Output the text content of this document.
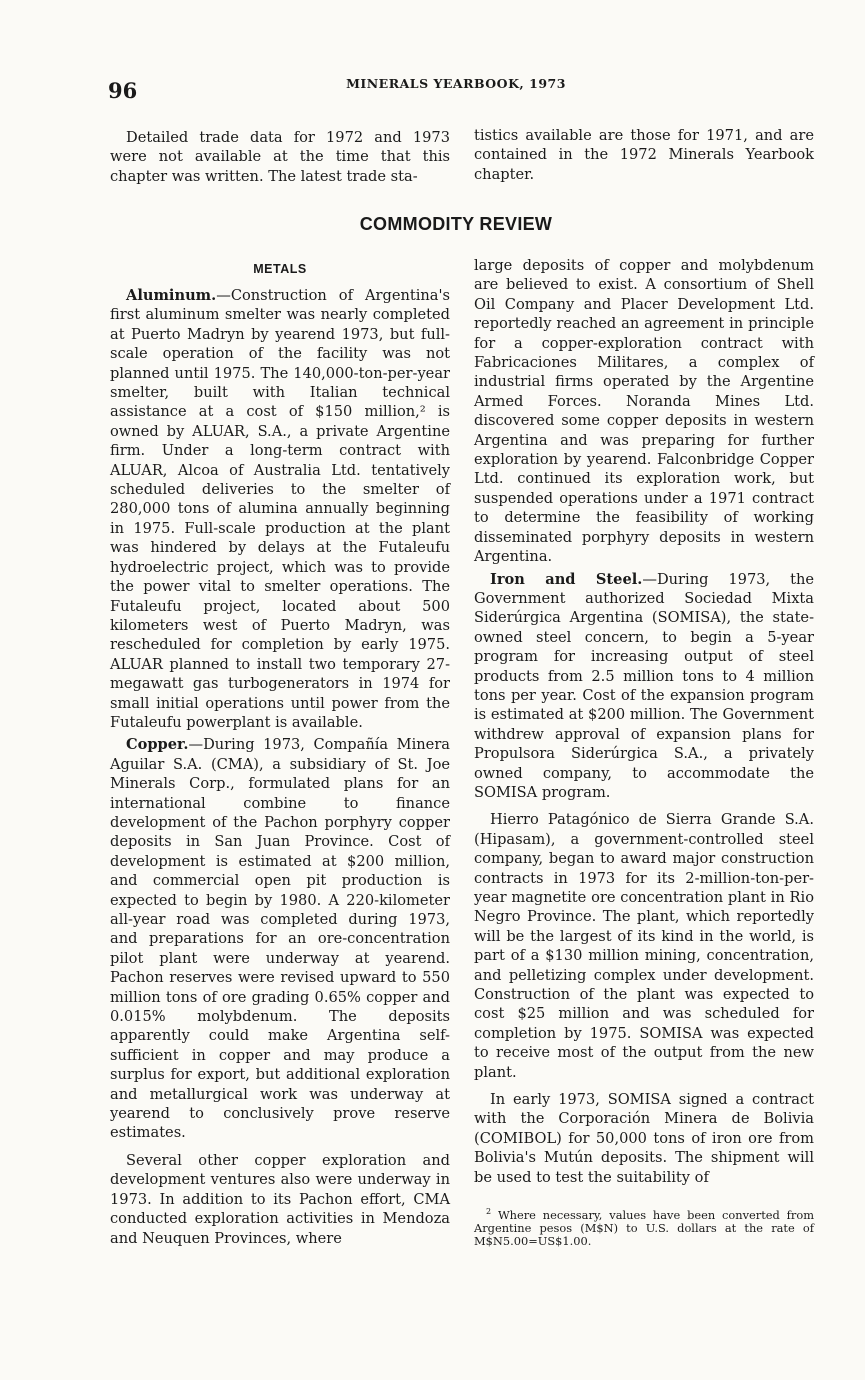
96	MINERALS YEARBOOK, 1973

Detailed trade data for 1972 and 1973 were not available at the time that this chapter was written. The latest trade sta-

tistics available are those for 1971, and are contained in the 1972 Minerals Yearbook chapter.

COMMODITY REVIEW
METALS

Aluminum.—Construction of Argentina's first aluminum smelter was nearly completed at Puerto Madryn by yearend 1973, but full-scale operation of the facility was not planned until 1975. The 140,000-ton-per-year smelter, built with Italian technical assistance at a cost of $150 million,² is owned by ALUAR, S.A., a private Argentine firm. Under a long-term contract with ALUAR, Alcoa of Australia Ltd. tentatively scheduled deliveries to the smelter of 280,000 tons of alumina annually beginning in 1975. Full-scale production at the plant was hindered by delays at the Futaleufu hydroelectric project, which was to provide the power vital to smelter operations. The Futaleufu project, located about 500 kilometers west of Puerto Madryn, was rescheduled for completion by early 1975. ALUAR planned to install two temporary 27-megawatt gas turbogenerators in 1974 for small initial operations until power from the Futaleufu powerplant is available.

Copper.—During 1973, Compañía Minera Aguilar S.A. (CMA), a subsidiary of St. Joe Minerals Corp., formulated plans for an international combine to finance development of the Pachon porphyry copper deposits in San Juan Province. Cost of development is estimated at $200 million, and commercial open pit production is expected to begin by 1980. A 220-kilometer all-year road was completed during 1973, and preparations for an ore-concentration pilot plant were underway at yearend. Pachon reserves were revised upward to 550 million tons of ore grading 0.65% copper and 0.015% molybdenum. The deposits apparently could make Argentina self-sufficient in copper and may produce a surplus for export, but additional exploration and metallurgical work was underway at yearend to conclusively prove reserve estimates.

Several other copper exploration and development ventures also were underway in 1973. In addition to its Pachon effort, CMA conducted exploration activities in Mendoza and Neuquen Provinces, where

large deposits of copper and molybdenum are believed to exist. A consortium of Shell Oil Company and Placer Development Ltd. reportedly reached an agreement in principle for a copper-exploration contract with Fabricaciones Militares, a complex of industrial firms operated by the Argentine Armed Forces. Noranda Mines Ltd. discovered some copper deposits in western Argentina and was preparing for further exploration by yearend. Falconbridge Copper Ltd. continued its exploration work, but suspended operations under a 1971 contract to determine the feasibility of working disseminated porphyry deposits in western Argentina.

Iron and Steel.—During 1973, the Government authorized Sociedad Mixta Siderúrgica Argentina (SOMISA), the state-owned steel concern, to begin a 5-year program for increasing output of steel products from 2.5 million tons to 4 million tons per year. Cost of the expansion program is estimated at $200 million. The Government withdrew approval of expansion plans for Propulsora Siderúrgica S.A., a privately owned company, to accommodate the SOMISA program.

Hierro Patagónico de Sierra Grande S.A. (Hipasam), a government-controlled steel company, began to award major construction contracts in 1973 for its 2-million-ton-per-year magnetite ore concentration plant in Rio Negro Province. The plant, which reportedly will be the largest of its kind in the world, is part of a $130 million mining, concentration, and pelletizing complex under development. Construction of the plant was expected to cost $25 million and was scheduled for completion by 1975. SOMISA was expected to receive most of the output from the new plant.

In early 1973, SOMISA signed a contract with the Corporación Minera de Bolivia (COMIBOL) for 50,000 tons of iron ore from Bolivia's Mutún deposits. The shipment will be used to test the suitability of

$^2$ Where necessary, values have been converted from Argentine pesos (M$N) to U.S. dollars at the rate of M$N5.00=US$1.00.
